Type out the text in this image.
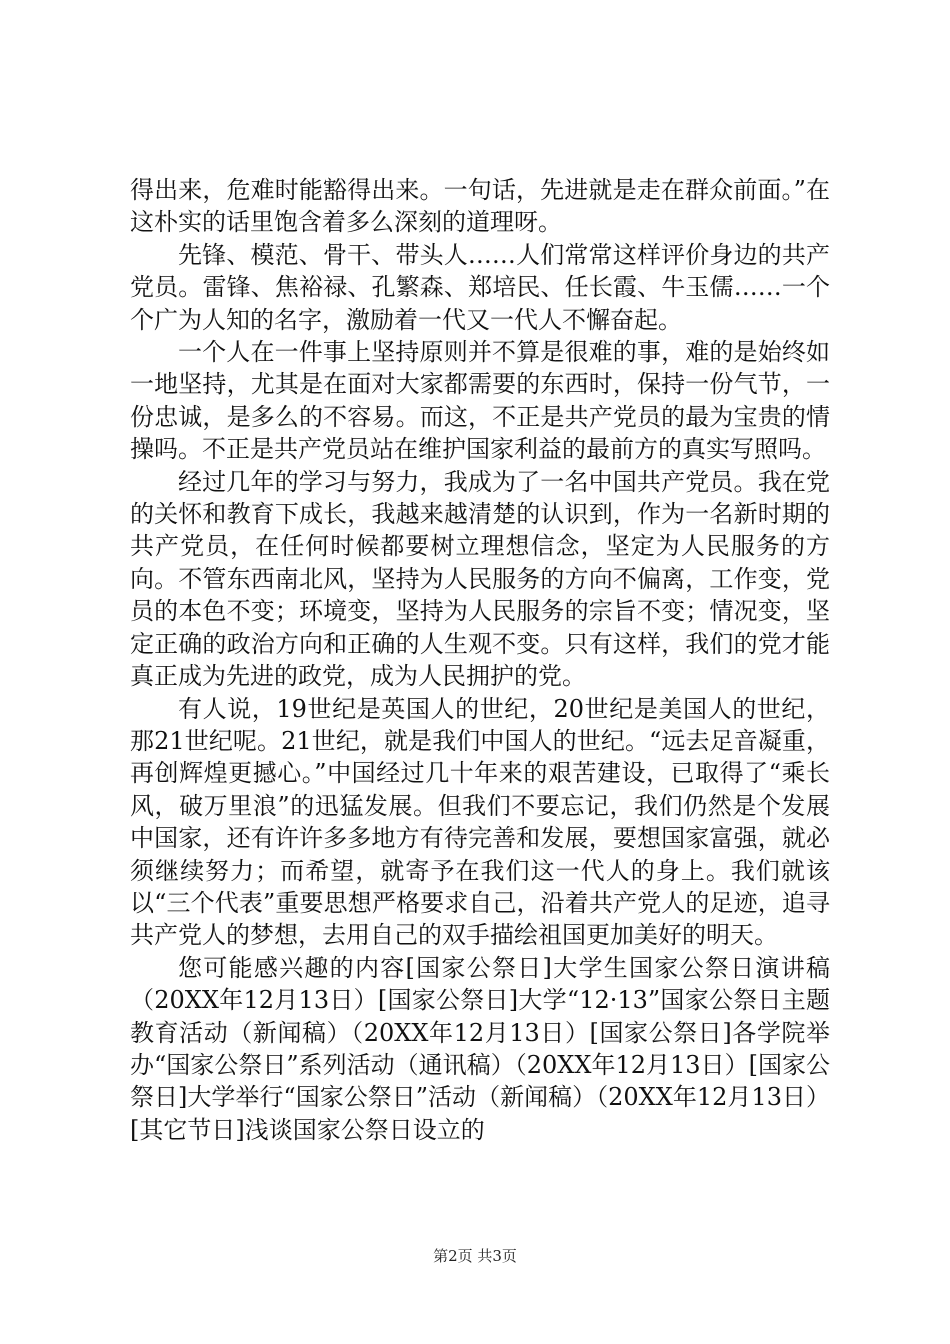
得出来，危难时能豁得出来。一句话，先进就是走在群众前面。”在这朴实的话里饱含着多么深刻的道理呀。

先锋、模范、骨干、带头人……人们常常这样评价身边的共产党员。雷锋、焦裕禄、孔繁森、郑培民、任长霞、牛玉儒……一个个广为人知的名字，激励着一代又一代人不懈奋起。

一个人在一件事上坚持原则并不算是很难的事，难的是始终如一地坚持，尤其是在面对大家都需要的东西时，保持一份气节，一份忠诚，是多么的不容易。而这，不正是共产党员的最为宝贵的情操吗。不正是共产党员站在维护国家利益的最前方的真实写照吗。

经过几年的学习与努力，我成为了一名中国共产党员。我在党的关怀和教育下成长，我越来越清楚的认识到，作为一名新时期的共产党员，在任何时候都要树立理想信念，坚定为人民服务的方向。不管东西南北风，坚持为人民服务的方向不偏离，工作变，党员的本色不变；环境变，坚持为人民服务的宗旨不变；情况变，坚定正确的政治方向和正确的人生观不变。只有这样，我们的党才能真正成为先进的政党，成为人民拥护的党。

有人说，19世纪是英国人的世纪，20世纪是美国人的世纪，那21世纪呢。21世纪，就是我们中国人的世纪。“远去足音凝重，再创辉煌更撼心。”中国经过几十年来的艰苦建设，已取得了“乘长风，破万里浪”的迅猛发展。但我们不要忘记，我们仍然是个发展中国家，还有许许多多地方有待完善和发展，要想国家富强，就必须继续努力；而希望，就寄予在我们这一代人的身上。我们就该以“三个代表”重要思想严格要求自己，沿着共产党人的足迹，追寻共产党人的梦想，去用自己的双手描绘祖国更加美好的明天。

您可能感兴趣的内容[国家公祭日]大学生国家公祭日演讲稿（20XX年12月13日）[国家公祭日]大学“12·13”国家公祭日主题教育活动（新闻稿）（20XX年12月13日）[国家公祭日]各学院举办“国家公祭日”系列活动（通讯稿）（20XX年12月13日）[国家公祭日]大学举行“国家公祭日”活动（新闻稿）（20XX年12月13日）[其它节日]浅谈国家公祭日设立的

第2页 共3页
